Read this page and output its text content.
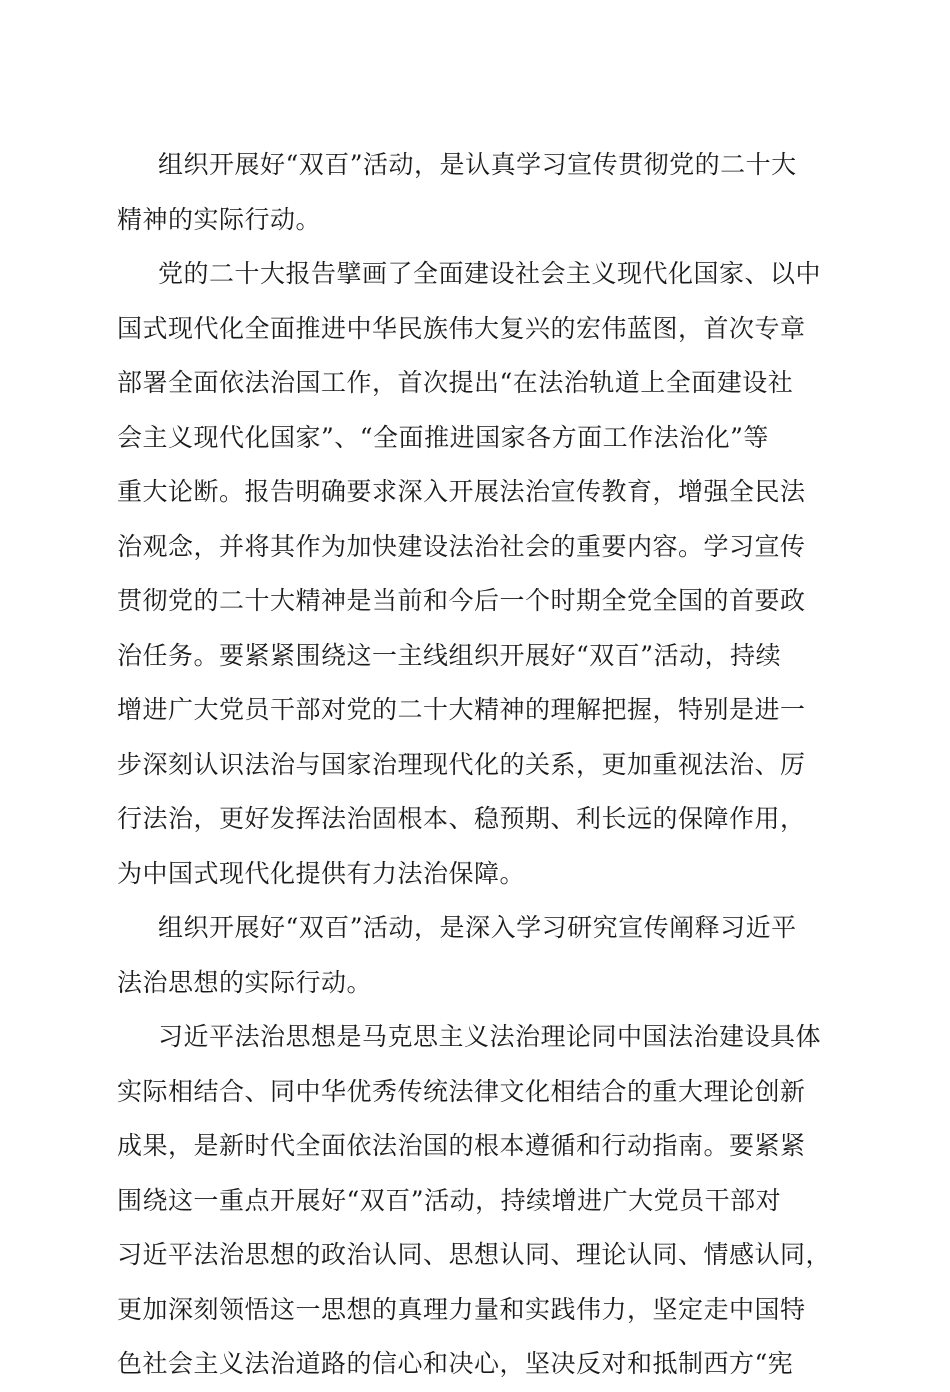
组织开展好“双百”活动，是认真学习宣传贯彻党的二十大
精神的实际行动。
党的二十大报告擘画了全面建设社会主义现代化国家、以中
国式现代化全面推进中华民族伟大复兴的宏伟蓝图，首次专章
部署全面依法治国工作，首次提出“在法治轨道上全面建设社
会主义现代化国家”、“全面推进国家各方面工作法治化”等
重大论断。报告明确要求深入开展法治宣传教育，增强全民法
治观念，并将其作为加快建设法治社会的重要内容。学习宣传
贯彻党的二十大精神是当前和今后一个时期全党全国的首要政
治任务。要紧紧围绕这一主线组织开展好“双百”活动，持续
增进广大党员干部对党的二十大精神的理解把握，特别是进一
步深刻认识法治与国家治理现代化的关系，更加重视法治、厉
行法治，更好发挥法治固根本、稳预期、利长远的保障作用，
为中国式现代化提供有力法治保障。
组织开展好“双百”活动，是深入学习研究宣传阐释习近平
法治思想的实际行动。
习近平法治思想是马克思主义法治理论同中国法治建设具体
实际相结合、同中华优秀传统法律文化相结合的重大理论创新
成果，是新时代全面依法治国的根本遵循和行动指南。要紧紧
围绕这一重点开展好“双百”活动，持续增进广大党员干部对
习近平法治思想的政治认同、思想认同、理论认同、情感认同，
更加深刻领悟这一思想的真理力量和实践伟力，坚定走中国特
色社会主义法治道路的信心和决心，坚决反对和抵制西方“宪
